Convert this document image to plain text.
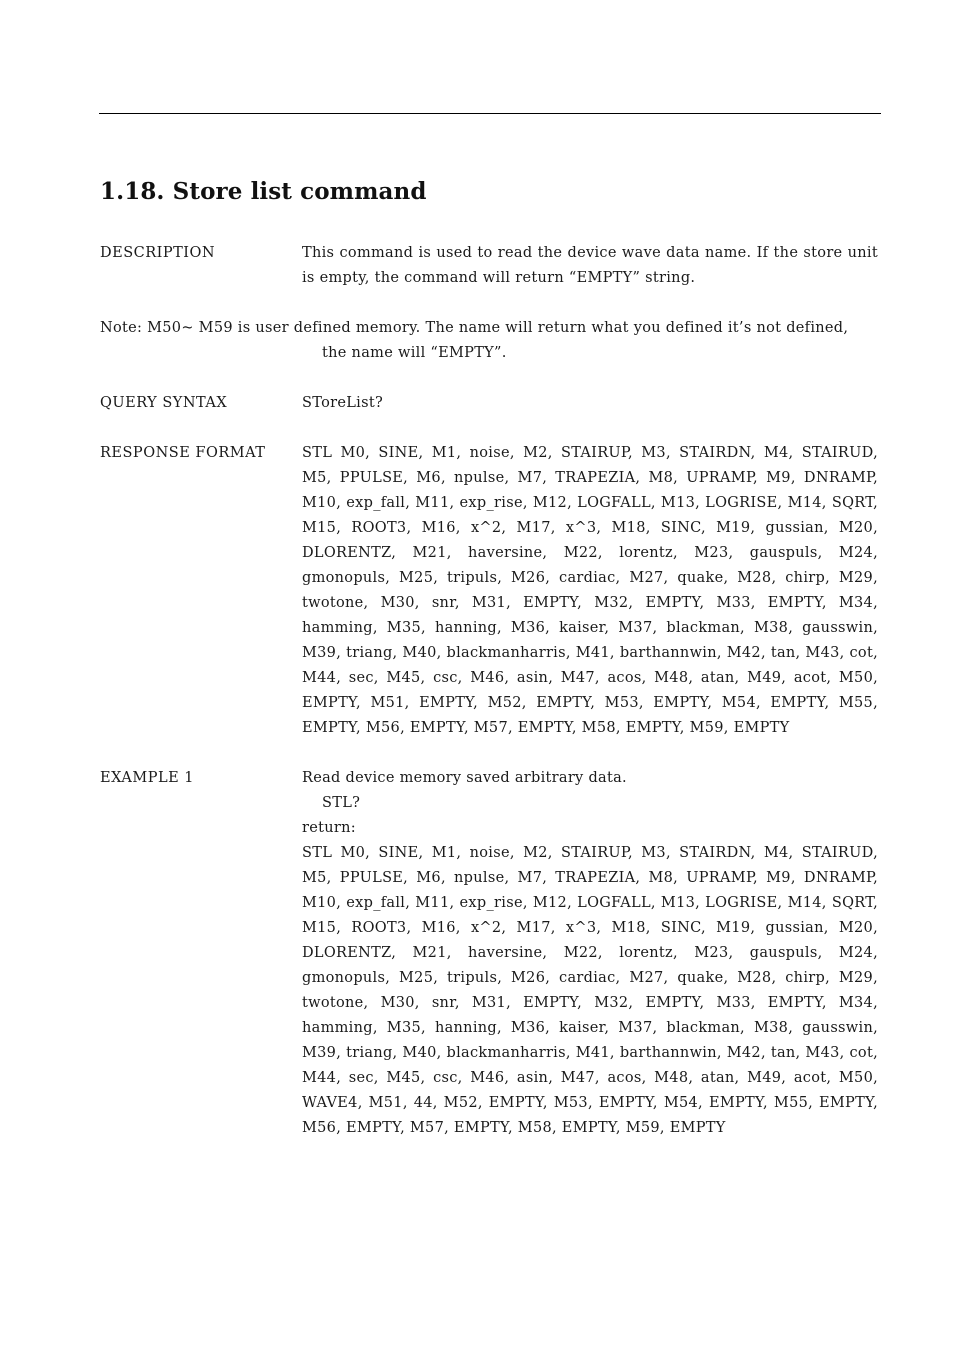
1.18. Store list command
DESCRIPTION	This command is used to read the device wave data name. If the store unit is empty, the command will return “EMPTY” string.

Note: M50~ M59 is user defined memory. The name will return what you defined it’s not defined,
the name will “EMPTY”.
QUERY SYNTAX	SToreList?
RESPONSE FORMAT	STL M0, SINE, M1, noise, M2, STAIRUP, M3, STAIRDN, M4, STAIRUD, M5, PPULSE, M6, npulse, M7, TRAPEZIA, M8, UPRAMP, M9, DNRAMP, M10, exp_fall, M11, exp_rise, M12, LOGFALL, M13, LOGRISE, M14, SQRT, M15, ROOT3, M16, x^2, M17, x^3, M18, SINC, M19, gussian, M20, DLORENTZ, M21, haversine, M22, lorentz, M23, gauspuls, M24, gmonopuls, M25, tripuls, M26, cardiac, M27, quake, M28, chirp, M29, twotone, M30, snr, M31, EMPTY, M32, EMPTY, M33, EMPTY, M34, hamming, M35, hanning, M36, kaiser, M37, blackman, M38, gausswin, M39, triang, M40, blackmanharris, M41, barthannwin, M42, tan, M43, cot, M44, sec, M45, csc, M46, asin, M47, acos, M48, atan, M49, acot, M50, EMPTY, M51, EMPTY, M52, EMPTY, M53, EMPTY, M54, EMPTY, M55, EMPTY, M56, EMPTY, M57, EMPTY, M58, EMPTY, M59, EMPTY

EXAMPLE 1	Read device memory saved arbitrary data.

STL?

return:

STL M0, SINE, M1, noise, M2, STAIRUP, M3, STAIRDN, M4, STAIRUD, M5, PPULSE, M6, npulse, M7, TRAPEZIA, M8, UPRAMP, M9, DNRAMP, M10, exp_fall, M11, exp_rise, M12, LOGFALL, M13, LOGRISE, M14, SQRT, M15, ROOT3, M16, x^2, M17, x^3, M18, SINC, M19, gussian, M20, DLORENTZ, M21, haversine, M22, lorentz, M23, gauspuls, M24, gmonopuls, M25, tripuls, M26, cardiac, M27, quake, M28, chirp, M29, twotone, M30, snr, M31, EMPTY, M32, EMPTY, M33, EMPTY, M34, hamming, M35, hanning, M36, kaiser, M37, blackman, M38, gausswin, M39, triang, M40, blackmanharris, M41, barthannwin, M42, tan, M43, cot, M44, sec, M45, csc, M46, asin, M47, acos, M48, atan, M49, acot, M50, WAVE4, M51, 44, M52, EMPTY, M53, EMPTY, M54, EMPTY, M55, EMPTY, M56, EMPTY, M57, EMPTY, M58, EMPTY, M59, EMPTY
